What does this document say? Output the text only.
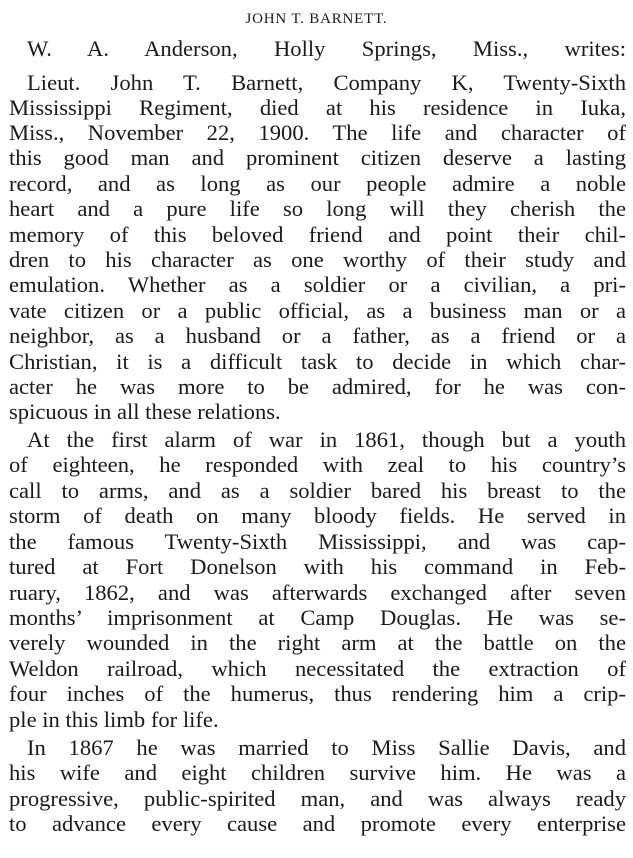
JOHN T. BARNETT.

W. A. Anderson, Holly Springs, Miss., writes:

Lieut. John T. Barnett, Company K, Twenty-Sixth

Mississippi Regiment, died at his residence in Iuka,

Miss., November 22, 1900. The life and character of

this good man and prominent citizen deserve a lasting

record, and as long as our people admire a noble

heart and a pure life so long will they cherish the

memory of this beloved friend and point their chil-

dren to his character as one worthy of their study and

emulation. Whether as a soldier or a civilian, a pri-

vate citizen or a public official, as a business man or a

neighbor, as a husband or a father, as a friend or a

Christian, it is a difficult task to decide in which char-

acter he was more to be admired, for he was con-

spicuous in all these relations.

At the first alarm of war in 1861, though but a youth

of eighteen, he responded with zeal to his country’s

call to arms, and as a soldier bared his breast to the

storm of death on many bloody fields. He served in

the famous Twenty-Sixth Mississippi, and was cap-

tured at Fort Donelson with his command in Feb-

ruary, 1862, and was afterwards exchanged after seven

months’ imprisonment at Camp Douglas. He was se-

verely wounded in the right arm at the battle on the

Weldon railroad, which necessitated the extraction of

four inches of the humerus, thus rendering him a crip-

ple in this limb for life.

In 1867 he was married to Miss Sallie Davis, and

his wife and eight children survive him. He was a

progressive, public-spirited man, and was always ready

to advance every cause and promote every enterprise
